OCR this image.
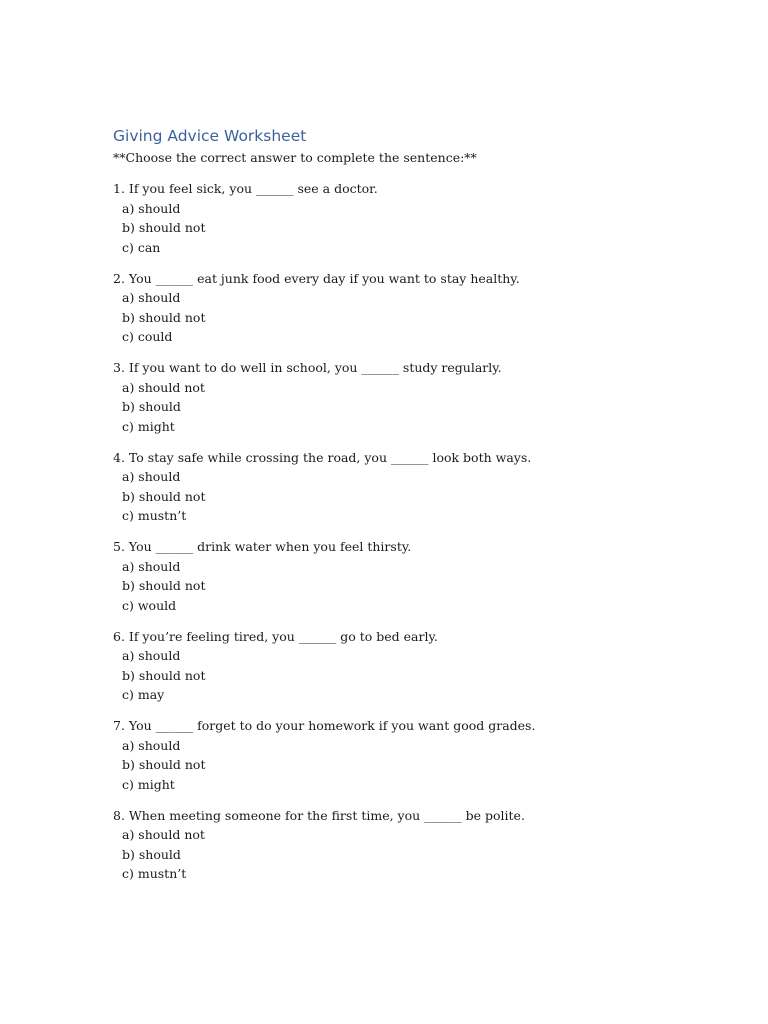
Giving Advice Worksheet

**Choose the correct answer to complete the sentence:**

1. If you feel sick, you ______ see a doctor.
a) should
b) should not
c) can
2. You ______ eat junk food every day if you want to stay healthy.
a) should
b) should not
c) could
3. If you want to do well in school, you ______ study regularly.
a) should not
b) should
c) might
4. To stay safe while crossing the road, you ______ look both ways.
a) should
b) should not
c) mustn’t
5. You ______ drink water when you feel thirsty.
a) should
b) should not
c) would
6. If you’re feeling tired, you ______ go to bed early.
a) should
b) should not
c) may
7. You ______ forget to do your homework if you want good grades.
a) should
b) should not
c) might
8. When meeting someone for the first time, you ______ be polite.
a) should not
b) should
c) mustn’t
